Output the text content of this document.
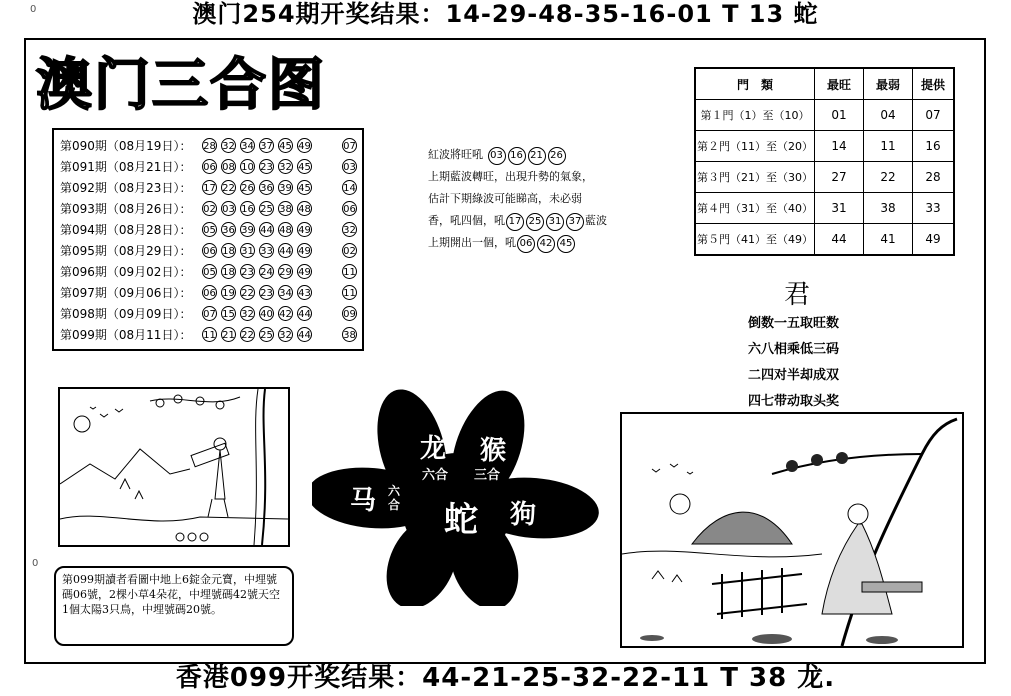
澳门254期开奖结果：14-29-48-35-16-01 T 13 蛇
0
0
澳门三合图
第090期（08月19日）： 28 32 34 37 45 49	07
第091期（08月21日）： 06 08 10 23 32 45	03
第092期（08月23日）： 17 22 26 36 39 45	14
第093期（08月26日）： 02 03 16 25 38 48	06
第094期（08月28日）： 05 36 39 44 48 49	32
第095期（08月29日）： 06 18 31 33 44 49	02
第096期（09月02日）： 05 18 23 24 29 49	11
第097期（09月06日）： 06 19 22 23 34 43	11
第098期（09月09日）： 07 15 32 40 42 44	09
第099期（08月11日）： 11 21 22 25 32 44	38
紅波將旺吼 03 16 21 26
上期藍波轉旺，出現升勢的氣象，
估計下期綠波可能睇高，未必弱
香，吼四個，吼 17 25 31 37 藍波
上期開出一個，吼 06 42 45
門　類	最旺	最弱	提供
第１門（1）至（10）	01	04	07
第２門（11）至（20）	14	11	16
第３門（21）至（30）	27	22	28
第４門（31）至（40）	31	38	33
第５門（41）至（49）	44	41	49
君
倒数一五取旺数
六八相乘低三码
二四对半却成双
四七带动取头奖
龙
六合
猴
三合
马 六合 蛇 狗
第099期讀者看圖中地上6錠金元寶，中埋號碼06號，2棵小草4朵花，中埋號碼42號天空1個太陽3只鳥，中埋號碼20號。
香港099开奖结果：44-21-25-32-22-11 T 38 龙.
